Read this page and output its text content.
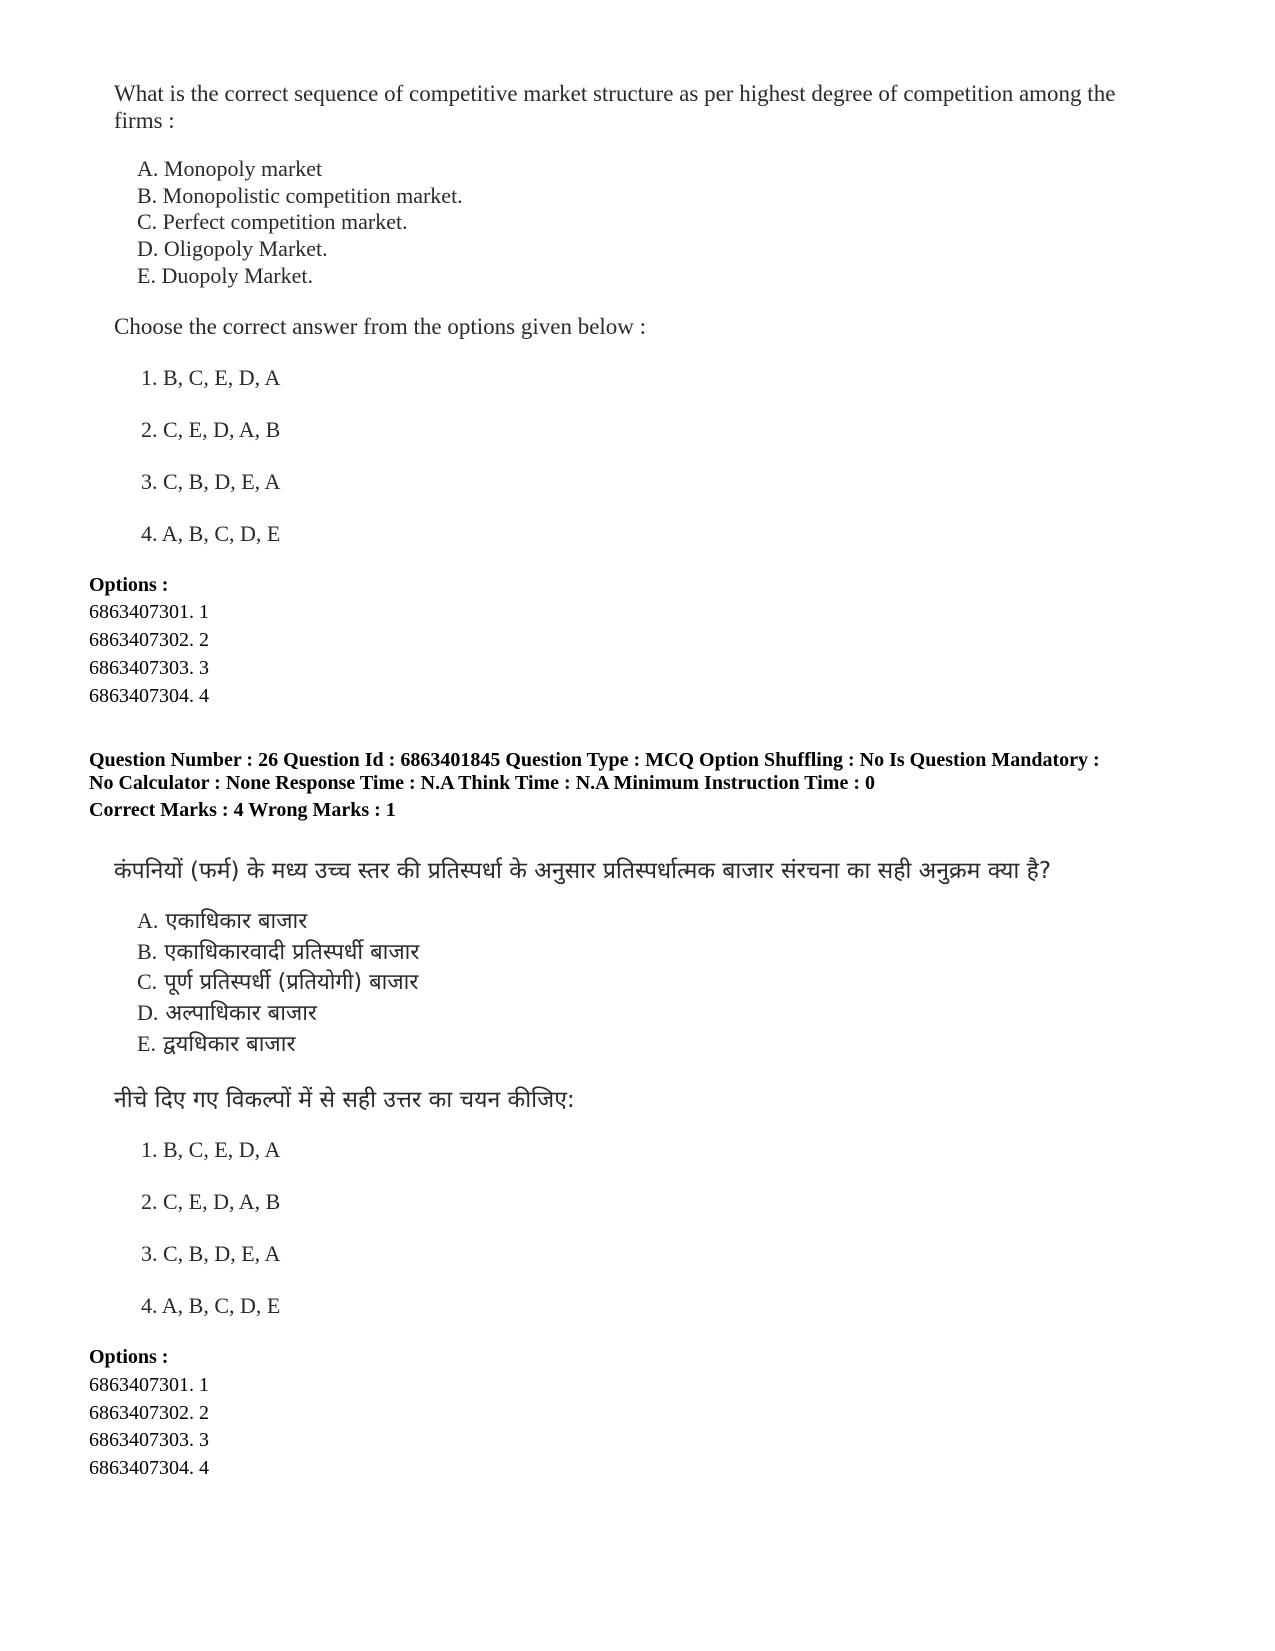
What is the correct sequence of competitive market structure as per highest degree of competition among the
firms :
A. Monopoly market
B. Monopolistic competition market.
C. Perfect competition market.
D. Oligopoly Market.
E. Duopoly Market.
Choose the correct answer from the options given below :
1. B, C, E, D, A
2. C, E, D, A, B
3. C, B, D, E, A
4. A, B, C, D, E
Options :
6863407301. 1
6863407302. 2
6863407303. 3
6863407304. 4
Question Number : 26 Question Id : 6863401845 Question Type : MCQ Option Shuffling : No Is Question Mandatory :
No Calculator : None Response Time : N.A Think Time : N.A Minimum Instruction Time : 0
Correct Marks : 4 Wrong Marks : 1
कंपनियों (फर्म) के मध्य उच्च स्तर की प्रतिस्पर्धा के अनुसार प्रतिस्पर्धात्मक बाजार संरचना का सही अनुक्रम क्या है?
A. एकाधिकार बाजार
B. एकाधिकारवादी प्रतिस्पर्धी बाजार
C. पूर्ण प्रतिस्पर्धी (प्रतियोगी) बाजार
D. अल्पाधिकार बाजार
E. द्वयधिकार बाजार
नीचे दिए गए विकल्पों में से सही उत्तर का चयन कीजिए:
1. B, C, E, D, A
2. C, E, D, A, B
3. C, B, D, E, A
4. A, B, C, D, E
Options :
6863407301. 1
6863407302. 2
6863407303. 3
6863407304. 4
